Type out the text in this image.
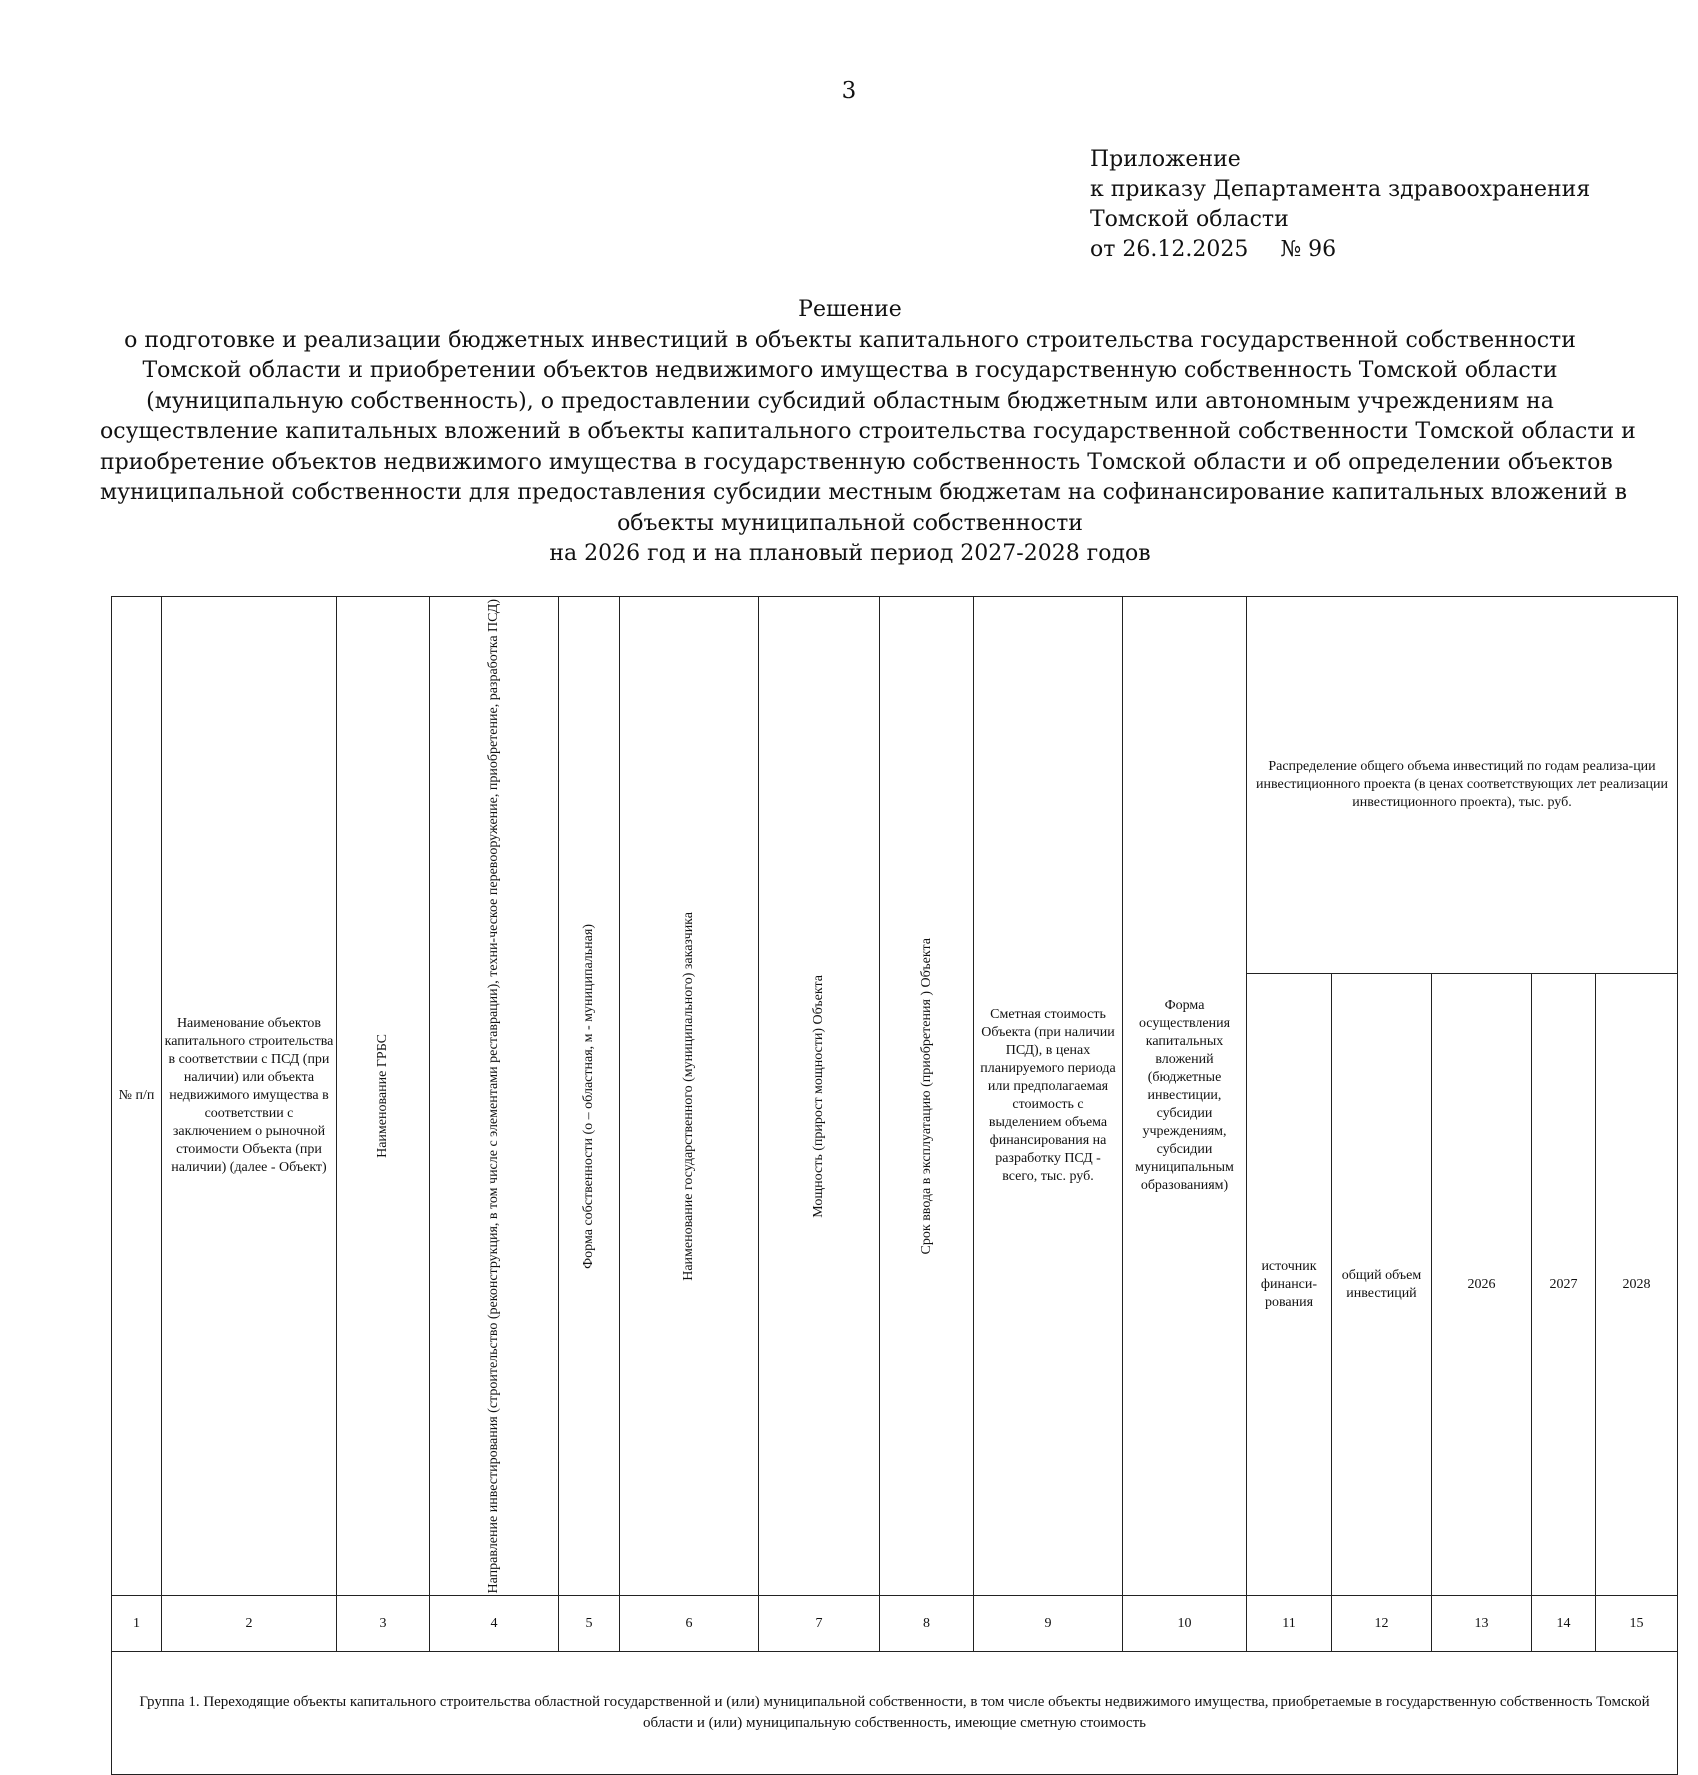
3
Приложение
к приказу Департамента здравоохранения
Томской области
от 26.12.2025 № 96
Решение
о подготовке и реализации бюджетных инвестиций в объекты капитального строительства государственной собственности
Томской области и приобретении объектов недвижимого имущества в государственную собственность Томской области
(муниципальную собственность), о предоставлении субсидий областным бюджетным или автономным учреждениям на
осуществление капитальных вложений в объекты капитального строительства государственной собственности Томской области и
приобретение объектов недвижимого имущества в государственную собственность Томской области и об определении объектов
муниципальной собственности для предоставления субсидии местным бюджетам на софинансирование капитальных вложений в
объекты муниципальной собственности
на 2026 год и на плановый период 2027-2028 годов
№ п/п	Наименование объектов капитального строительства в соответствии с ПСД (при наличии) или объекта недвижимого имущества в соответствии с заключением о рыночной стоимости Объекта (при наличии) (далее - Объект)	Наименование ГРБС	Направление инвестирования (строительство (реконструкция, в том числе с элементами реставрации), техни-ческое перевооружение, приобретение, разработка ПСД)	Форма собственности (о – областная, м - муниципальная)	Наименование государственного (муниципального) заказчика	Мощность (прирост мощности) Объекта	Срок ввода в эксплуатацию (приобретения ) Объекта	Сметная стоимость Объекта (при наличии ПСД), в ценах планируемого периода или предполагаемая стоимость с выделением объема финансирования на разработку ПСД - всего, тыс. руб.	Форма осуществления капитальных вложений (бюджетные инвестиции, субсидии учреждениям, субсидии муниципальным образованиям)	Распределение общего объема инвестиций по годам реализа-ции инвестиционного проекта (в ценах соответствующих лет реализации инвестиционного проекта), тыс. руб.				
										источник финанси-рования	общий объем инвестиций	2026	2027	2028
1	2	3	4	5	6	7	8	9	10	11	12	13	14	15
Группа 1. Переходящие объекты капитального строительства областной государственной и (или) муниципальной собственности, в том числе объекты недвижимого имущества, приобретаемые в государственную собственность Томской области и (или) муниципальную собственность, имеющие сметную стоимость														
